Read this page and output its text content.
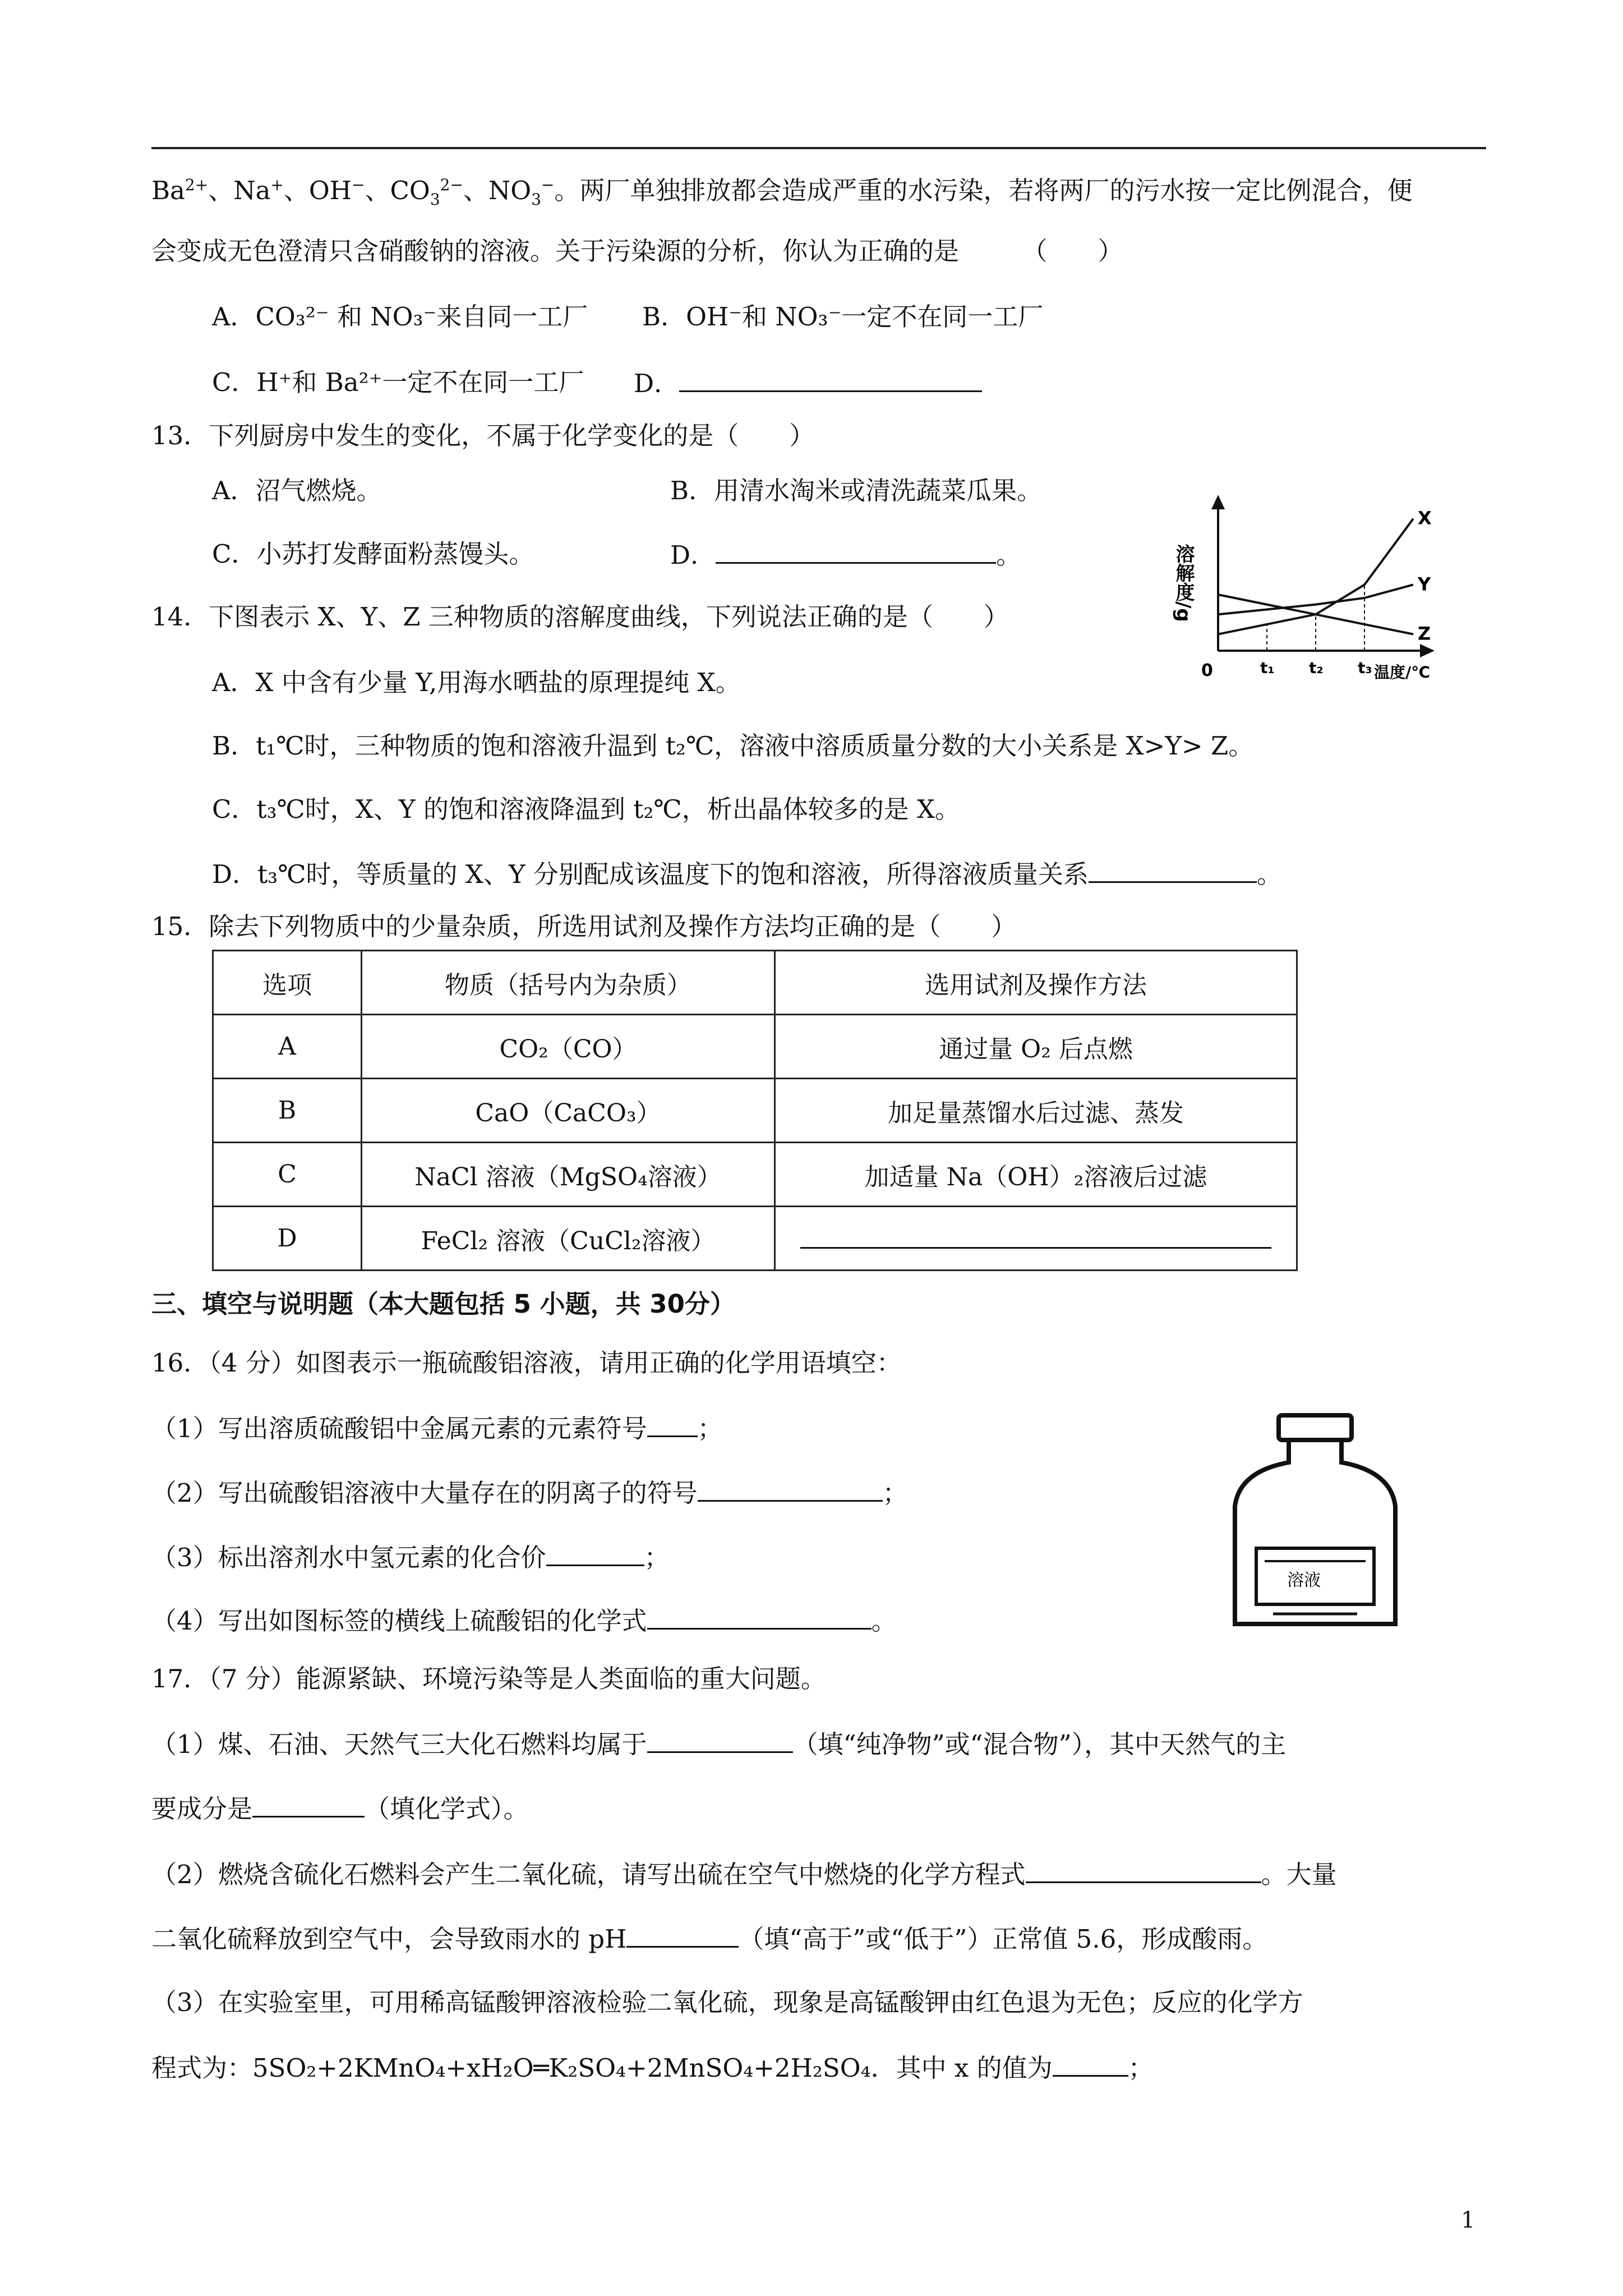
$Ba^{2+}$、Na+、OH−、$CO_3^{2-}$、$NO_3^-$。两厂单独排放都会造成严重的水污染，若将两厂的污水按一定比例混合，便
会变成无色澄清只含硝酸钠的溶液。关于污染源的分析，你认为正确的是　　　（　　）
A．CO₃²⁻ 和 NO₃⁻来自同一工厂 B．OH⁻和 NO₃⁻一定不在同一工厂
C．H⁺和 Ba²⁺一定不在同一工厂 D．
13．下列厨房中发生的变化，不属于化学变化的是（　　）
A．沼气燃烧。	B．用清水淘米或清洗蔬菜瓜果。
C．小苏打发酵面粉蒸馒头。	D．	。	溶解度/g
温度/℃
0	t₁ t₂ t₃
X
Y
Z
14．下图表示 X、Y、Z 三种物质的溶解度曲线，下列说法正确的是（　　）
A．X 中含有少量 Y,用海水晒盐的原理提纯 X。
B．t₁℃时，三种物质的饱和溶液升温到 t₂℃，溶液中溶质质量分数的大小关系是 X>Y> Z。
C．t₃℃时，X、Y 的饱和溶液降温到 t₂℃，析出晶体较多的是 X。
D．t₃℃时，等质量的 X、Y 分别配成该温度下的饱和溶液，所得溶液质量关系	。
15．除去下列物质中的少量杂质，所选用试剂及操作方法均正确的是（　　）
选项	物质（括号内为杂质）	选用试剂及操作方法
A	CO₂（CO）	通过量 O₂ 后点燃
B	CaO（CaCO₃）	加足量蒸馏水后过滤、蒸发
C	NaCl 溶液（MgSO₄溶液）	加适量 Na（OH）₂溶液后过滤
D	FeCl₂ 溶液（CuCl₂溶液）	
三、填空与说明题（本大题包括 5 小题，共 30分）
16．（4 分）如图表示一瓶硫酸铝溶液，请用正确的化学用语填空：
（1）写出溶质硫酸铝中金属元素的元素符号 ；
（2）写出硫酸铝溶液中大量存在的阴离子的符号	；
（3）标出溶剂水中氢元素的化合价	；
（4）写出如图标签的横线上硫酸铝的化学式	。
溶液
17．（7 分）能源紧缺、环境污染等是人类面临的重大问题。
（1）煤、石油、天然气三大化石燃料均属于	（填“纯净物”或“混合物”），其中天然气的主
要成分是	（填化学式）。
（2）燃烧含硫化石燃料会产生二氧化硫，请写出硫在空气中燃烧的化学方程式	。大量
二氧化硫释放到空气中，会导致雨水的 pH	（填“高于”或“低于”）正常值 5.6，形成酸雨。
（3）在实验室里，可用稀高锰酸钾溶液检验二氧化硫，现象是高锰酸钾由红色退为无色；反应的化学方
程式为：5SO₂+2KMnO₄+xH₂O═K₂SO₄+2MnSO₄+2H₂SO₄．其中 x 的值为	；
1
